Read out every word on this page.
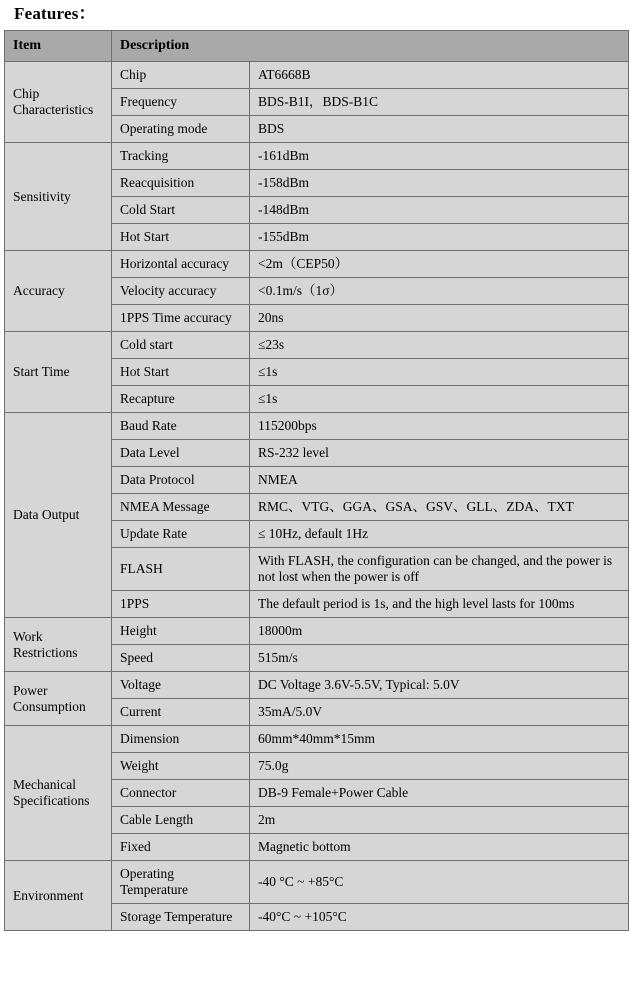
Features：
Item	Description	
Chip Characteristics	Chip	AT6668B
	Frequency	BDS-B1I，BDS-B1C
	Operating mode	BDS
Sensitivity	Tracking	-161dBm
	Reacquisition	-158dBm
	Cold Start	-148dBm
	Hot Start	-155dBm
Accuracy	Horizontal accuracy	<2m（CEP50）
	Velocity accuracy	<0.1m/s（1σ）
	1PPS Time accuracy	20ns
Start Time	Cold start	≤23s
	Hot Start	≤1s
	Recapture	≤1s
Data Output	Baud Rate	115200bps
	Data Level	RS-232 level
	Data Protocol	NMEA
	NMEA Message	RMC、VTG、GGA、GSA、GSV、GLL、ZDA、TXT
	Update Rate	≤ 10Hz, default 1Hz
	FLASH	With FLASH, the configuration can be changed, and the power is not lost when the power is off
	1PPS	The default period is 1s, and the high level lasts for 100ms
Work Restrictions	Height	18000m
	Speed	515m/s
Power Consumption	Voltage	DC Voltage 3.6V-5.5V, Typical: 5.0V
	Current	35mA/5.0V
Mechanical Specifications	Dimension	60mm*40mm*15mm
	Weight	75.0g
	Connector	DB-9 Female+Power Cable
	Cable Length	2m
	Fixed	Magnetic bottom
Environment	Operating Temperature	-40 °C ~ +85°C
	Storage Temperature	-40°C ~ +105°C
